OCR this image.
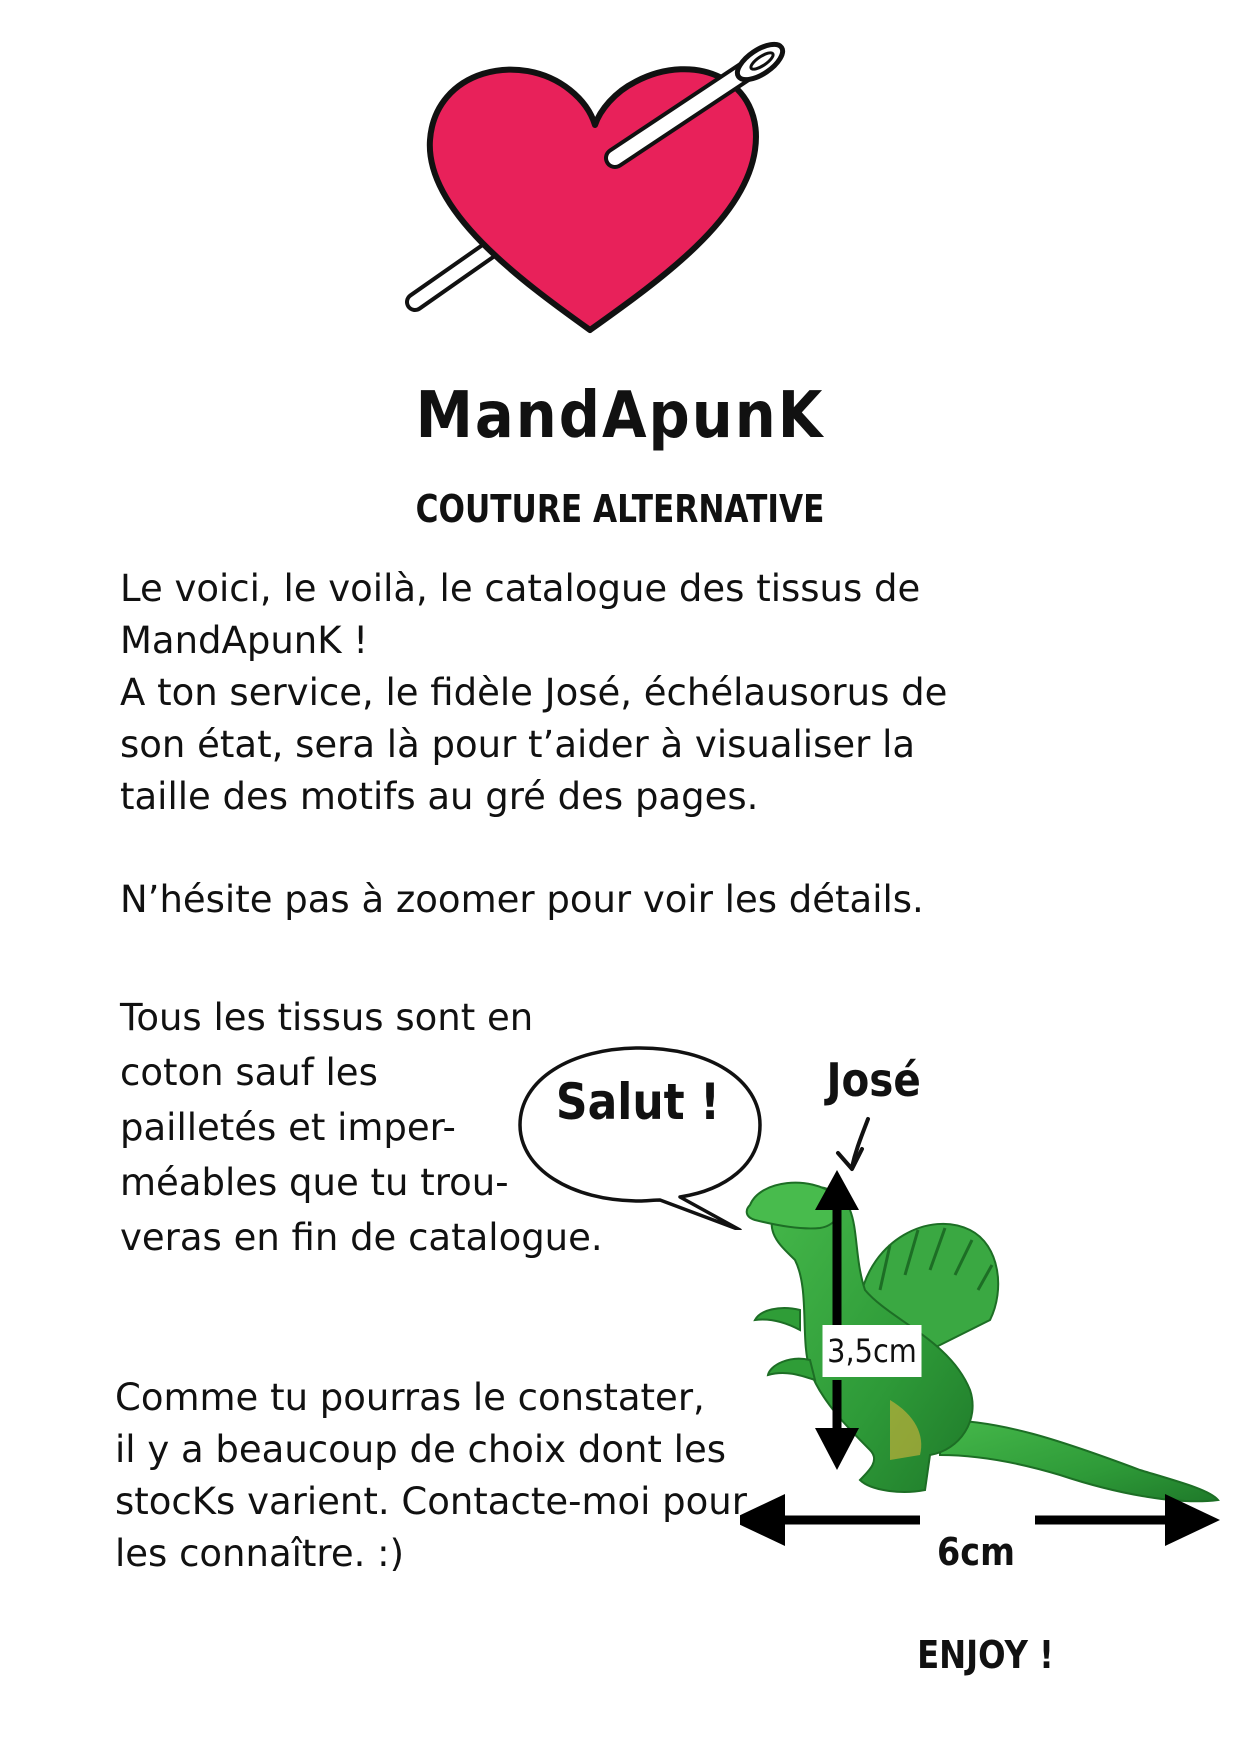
MandApunK
COUTURE ALTERNATIVE
Le voici, le voilà, le catalogue des tissus de
MandApunK !
A ton service, le fidèle José, échélausorus de
son état, sera là pour t’aider à visualiser la
taille des motifs au gré des pages.
N’hésite pas à zoomer pour voir les détails.
Tous les tissus sont en
coton sauf les
pailletés et imper-
méables que tu trou-
veras en fin de catalogue.
Comme tu pourras le constater,
il y a beaucoup de choix dont les
stocKs varient. Contacte-moi pour
les connaître. :)
Salut ! José
3,5cm
6cm
ENJOY !
